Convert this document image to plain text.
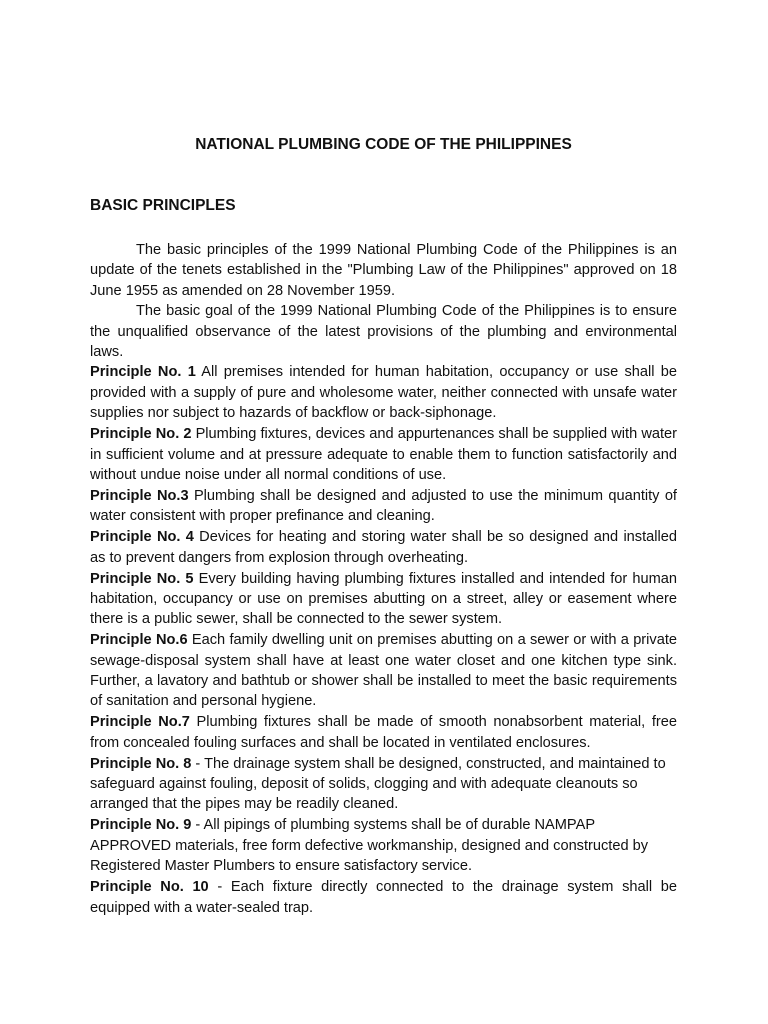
NATIONAL PLUMBING CODE OF THE PHILIPPINES
BASIC PRINCIPLES

The basic principles of the 1999 National Plumbing Code of the Philippines is an update of the tenets established in the "Plumbing Law of the Philippines" approved on 18 June 1955 as amended on 28 November 1959.

The basic goal of the 1999 National Plumbing Code of the Philippines is to ensure the unqualified observance of the latest provisions of the plumbing and environmental laws.

Principle No. 1 All premises intended for human habitation, occupancy or use shall be provided with a supply of pure and wholesome water, neither connected with unsafe water supplies nor subject to hazards of backflow or back-siphonage.

Principle No. 2 Plumbing fixtures, devices and appurtenances shall be supplied with water in sufficient volume and at pressure adequate to enable them to function satisfactorily and without undue noise under all normal conditions of use.

Principle No.3 Plumbing shall be designed and adjusted to use the minimum quantity of water consistent with proper prefinance and cleaning.

Principle No. 4 Devices for heating and storing water shall be so designed and installed as to prevent dangers from explosion through overheating.

Principle No. 5 Every building having plumbing fixtures installed and intended for human habitation, occupancy or use on premises abutting on a street, alley or easement where there is a public sewer, shall be connected to the sewer system.

Principle No.6 Each family dwelling unit on premises abutting on a sewer or with a private sewage-disposal system shall have at least one water closet and one kitchen type sink. Further, a lavatory and bathtub or shower shall be installed to meet the basic requirements of sanitation and personal hygiene.

Principle No.7 Plumbing fixtures shall be made of smooth nonabsorbent material, free from concealed fouling surfaces and shall be located in ventilated enclosures.

Principle No. 8 - The drainage system shall be designed, constructed, and maintained to safeguard against fouling, deposit of solids, clogging and with adequate cleanouts so arranged that the pipes may be readily cleaned.

Principle No. 9 - All pipings of plumbing systems shall be of durable NAMPAP APPROVED materials, free form defective workmanship, designed and constructed by Registered Master Plumbers to ensure satisfactory service.

Principle No. 10 - Each fixture directly connected to the drainage system shall be equipped with a water-sealed trap.
